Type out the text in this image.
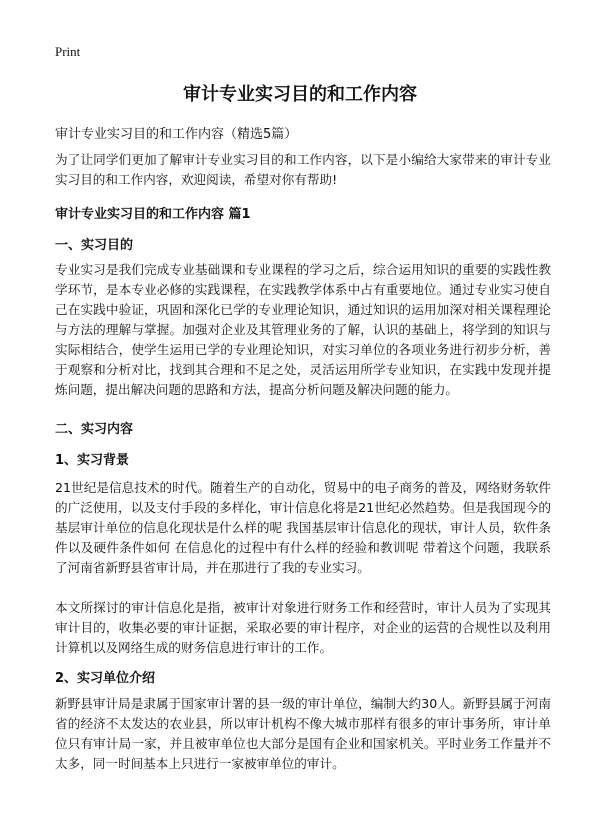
Print
审计专业实习目的和工作内容
审计专业实习目的和工作内容（精选5篇）

为了让同学们更加了解审计专业实习目的和工作内容，以下是小编给大家带来的审计专业实习目的和工作内容，欢迎阅读，希望对你有帮助!

审计专业实习目的和工作内容 篇1
一、实习目的

专业实习是我们完成专业基础课和专业课程的学习之后，综合运用知识的重要的实践性教学环节，是本专业必修的实践课程，在实践教学体系中占有重要地位。通过专业实习使自己在实践中验证，巩固和深化已学的专业理论知识，通过知识的运用加深对相关课程理论与方法的理解与掌握。加强对企业及其管理业务的了解，认识的基础上，将学到的知识与实际相结合，使学生运用已学的专业理论知识，对实习单位的各项业务进行初步分析，善于观察和分析对比，找到其合理和不足之处，灵活运用所学专业知识，在实践中发现并提炼问题，提出解决问题的思路和方法，提高分析问题及解决问题的能力。

二、实习内容
1、实习背景

21世纪是信息技术的时代。随着生产的自动化，贸易中的电子商务的普及，网络财务软件的广泛使用，以及支付手段的多样化，审计信息化将是21世纪必然趋势。但是我国现今的基层审计单位的信息化现状是什么样的呢 我国基层审计信息化的现状，审计人员，软件条件以及硬件条件如何 在信息化的过程中有什么样的经验和教训呢 带着这个问题，我联系了河南省新野县省审计局，并在那进行了我的专业实习。

本文所探讨的审计信息化是指，被审计对象进行财务工作和经营时，审计人员为了实现其审计目的，收集必要的审计证据，采取必要的审计程序，对企业的运营的合规性以及利用计算机以及网络生成的财务信息进行审计的工作。

2、实习单位介绍

新野县审计局是隶属于国家审计署的县一级的审计单位，编制大约30人。新野县属于河南省的经济不太发达的农业县，所以审计机构不像大城市那样有很多的审计事务所，审计单位只有审计局一家，并且被审单位也大部分是国有企业和国家机关。平时业务工作量并不太多，同一时间基本上只进行一家被审单位的审计。
